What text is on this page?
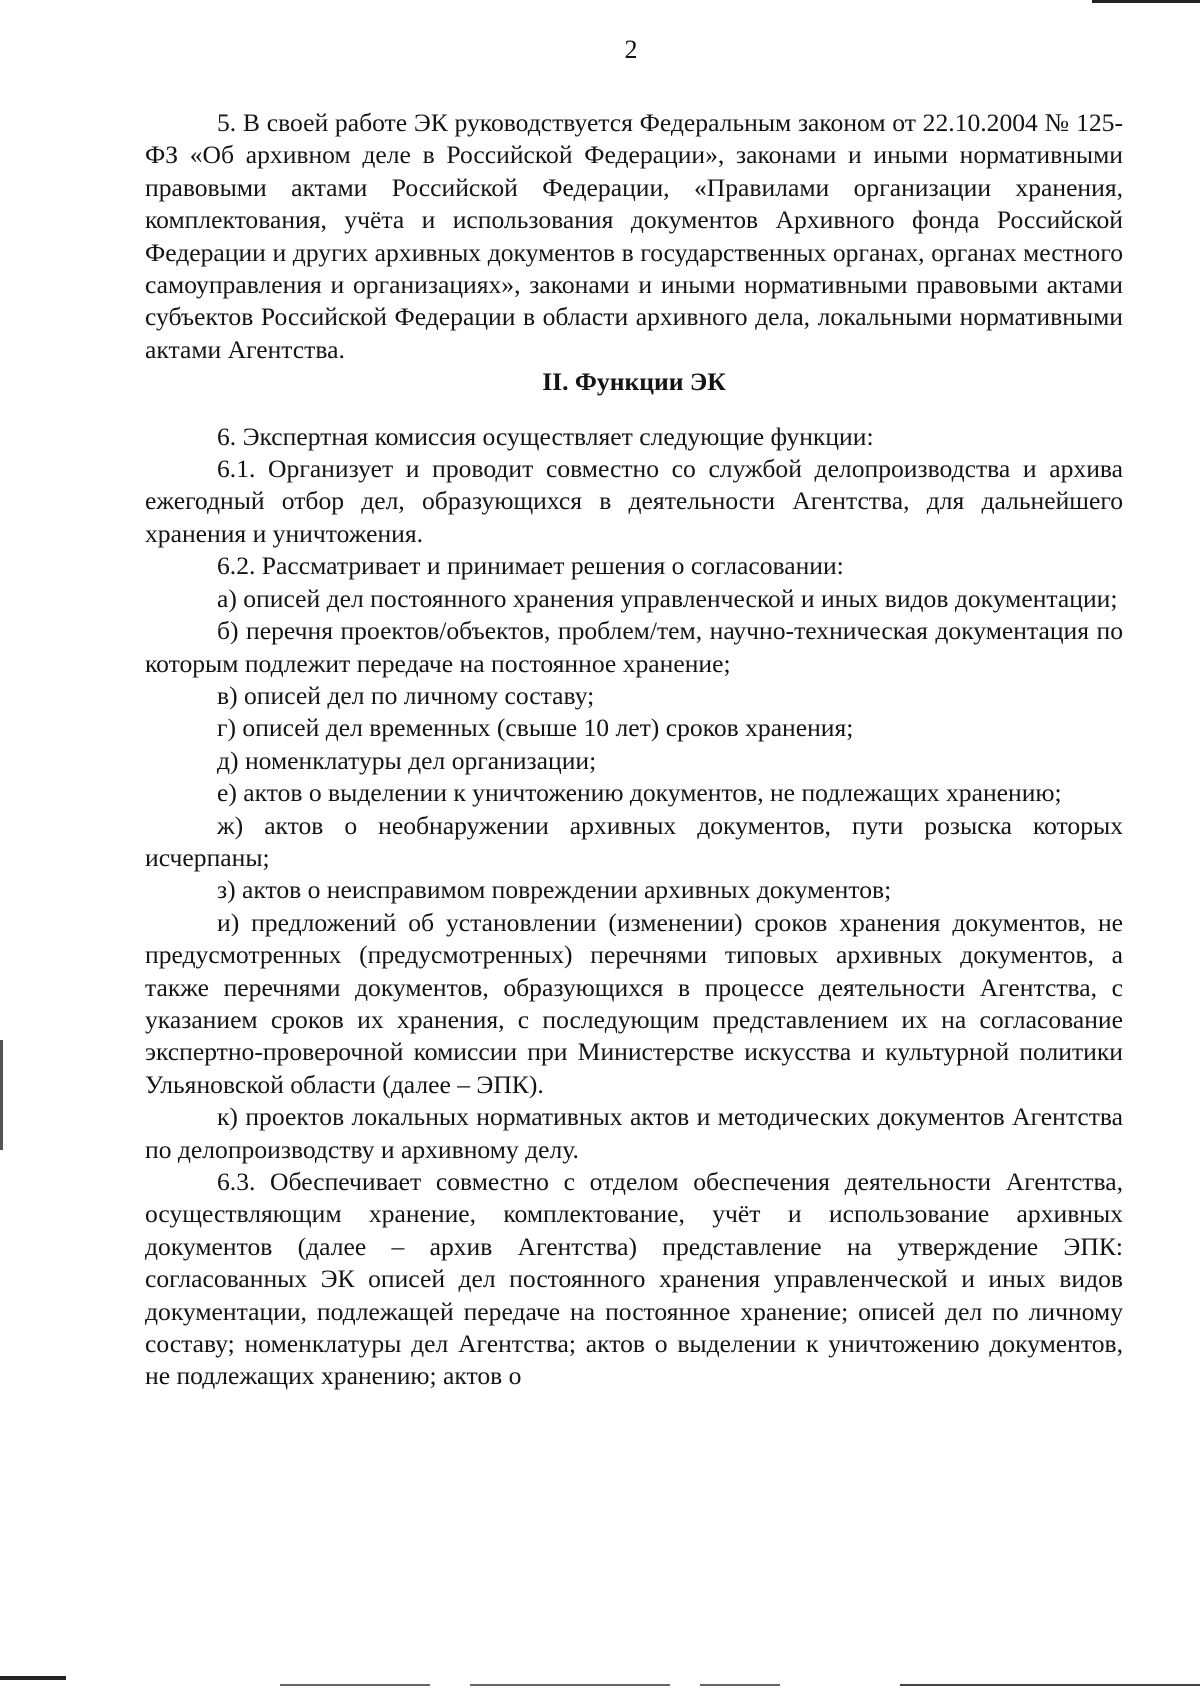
2

5. В своей работе ЭК руководствуется Федеральным законом от 22.10.2004 № 125-ФЗ «Об архивном деле в Российской Федерации», законами и иными нормативными правовыми актами Российской Федерации, «Правилами организации хранения, комплектования, учёта и использования документов Архивного фонда Российской Федерации и других архивных документов в государственных органах, органах местного самоуправления и организациях», законами и иными нормативными правовыми актами субъектов Российской Федерации в области архивного дела, локальными нормативными актами Агентства.

II. Функции ЭК

6. Экспертная комиссия осуществляет следующие функции:

6.1. Организует и проводит совместно со службой делопроизводства и архива ежегодный отбор дел, образующихся в деятельности Агентства, для дальнейшего хранения и уничтожения.

6.2. Рассматривает и принимает решения о согласовании:

а) описей дел постоянного хранения управленческой и иных видов документации;

б) перечня проектов/объектов, проблем/тем, научно-техническая документация по которым подлежит передаче на постоянное хранение;

в) описей дел по личному составу;

г) описей дел временных (свыше 10 лет) сроков хранения;

д) номенклатуры дел организации;

е) актов о выделении к уничтожению документов, не подлежащих хранению;

ж) актов о необнаружении архивных документов, пути розыска которых исчерпаны;

з) актов о неисправимом повреждении архивных документов;

и) предложений об установлении (изменении) сроков хранения документов, не предусмотренных (предусмотренных) перечнями типовых архивных документов, а также перечнями документов, образующихся в процессе деятельности Агентства, с указанием сроков их хранения, с последующим представлением их на согласование экспертно-проверочной комиссии при Министерстве искусства и культурной политики Ульяновской области (далее – ЭПК).

к) проектов локальных нормативных актов и методических документов Агентства по делопроизводству и архивному делу.

6.3. Обеспечивает совместно с отделом обеспечения деятельности Агентства, осуществляющим хранение, комплектование, учёт и использование архивных документов (далее – архив Агентства) представление на утверждение ЭПК: согласованных ЭК описей дел постоянного хранения управленческой и иных видов документации, подлежащей передаче на постоянное хранение; описей дел по личному составу; номенклатуры дел Агентства; актов о выделении к уничтожению документов, не подлежащих хранению; актов о
